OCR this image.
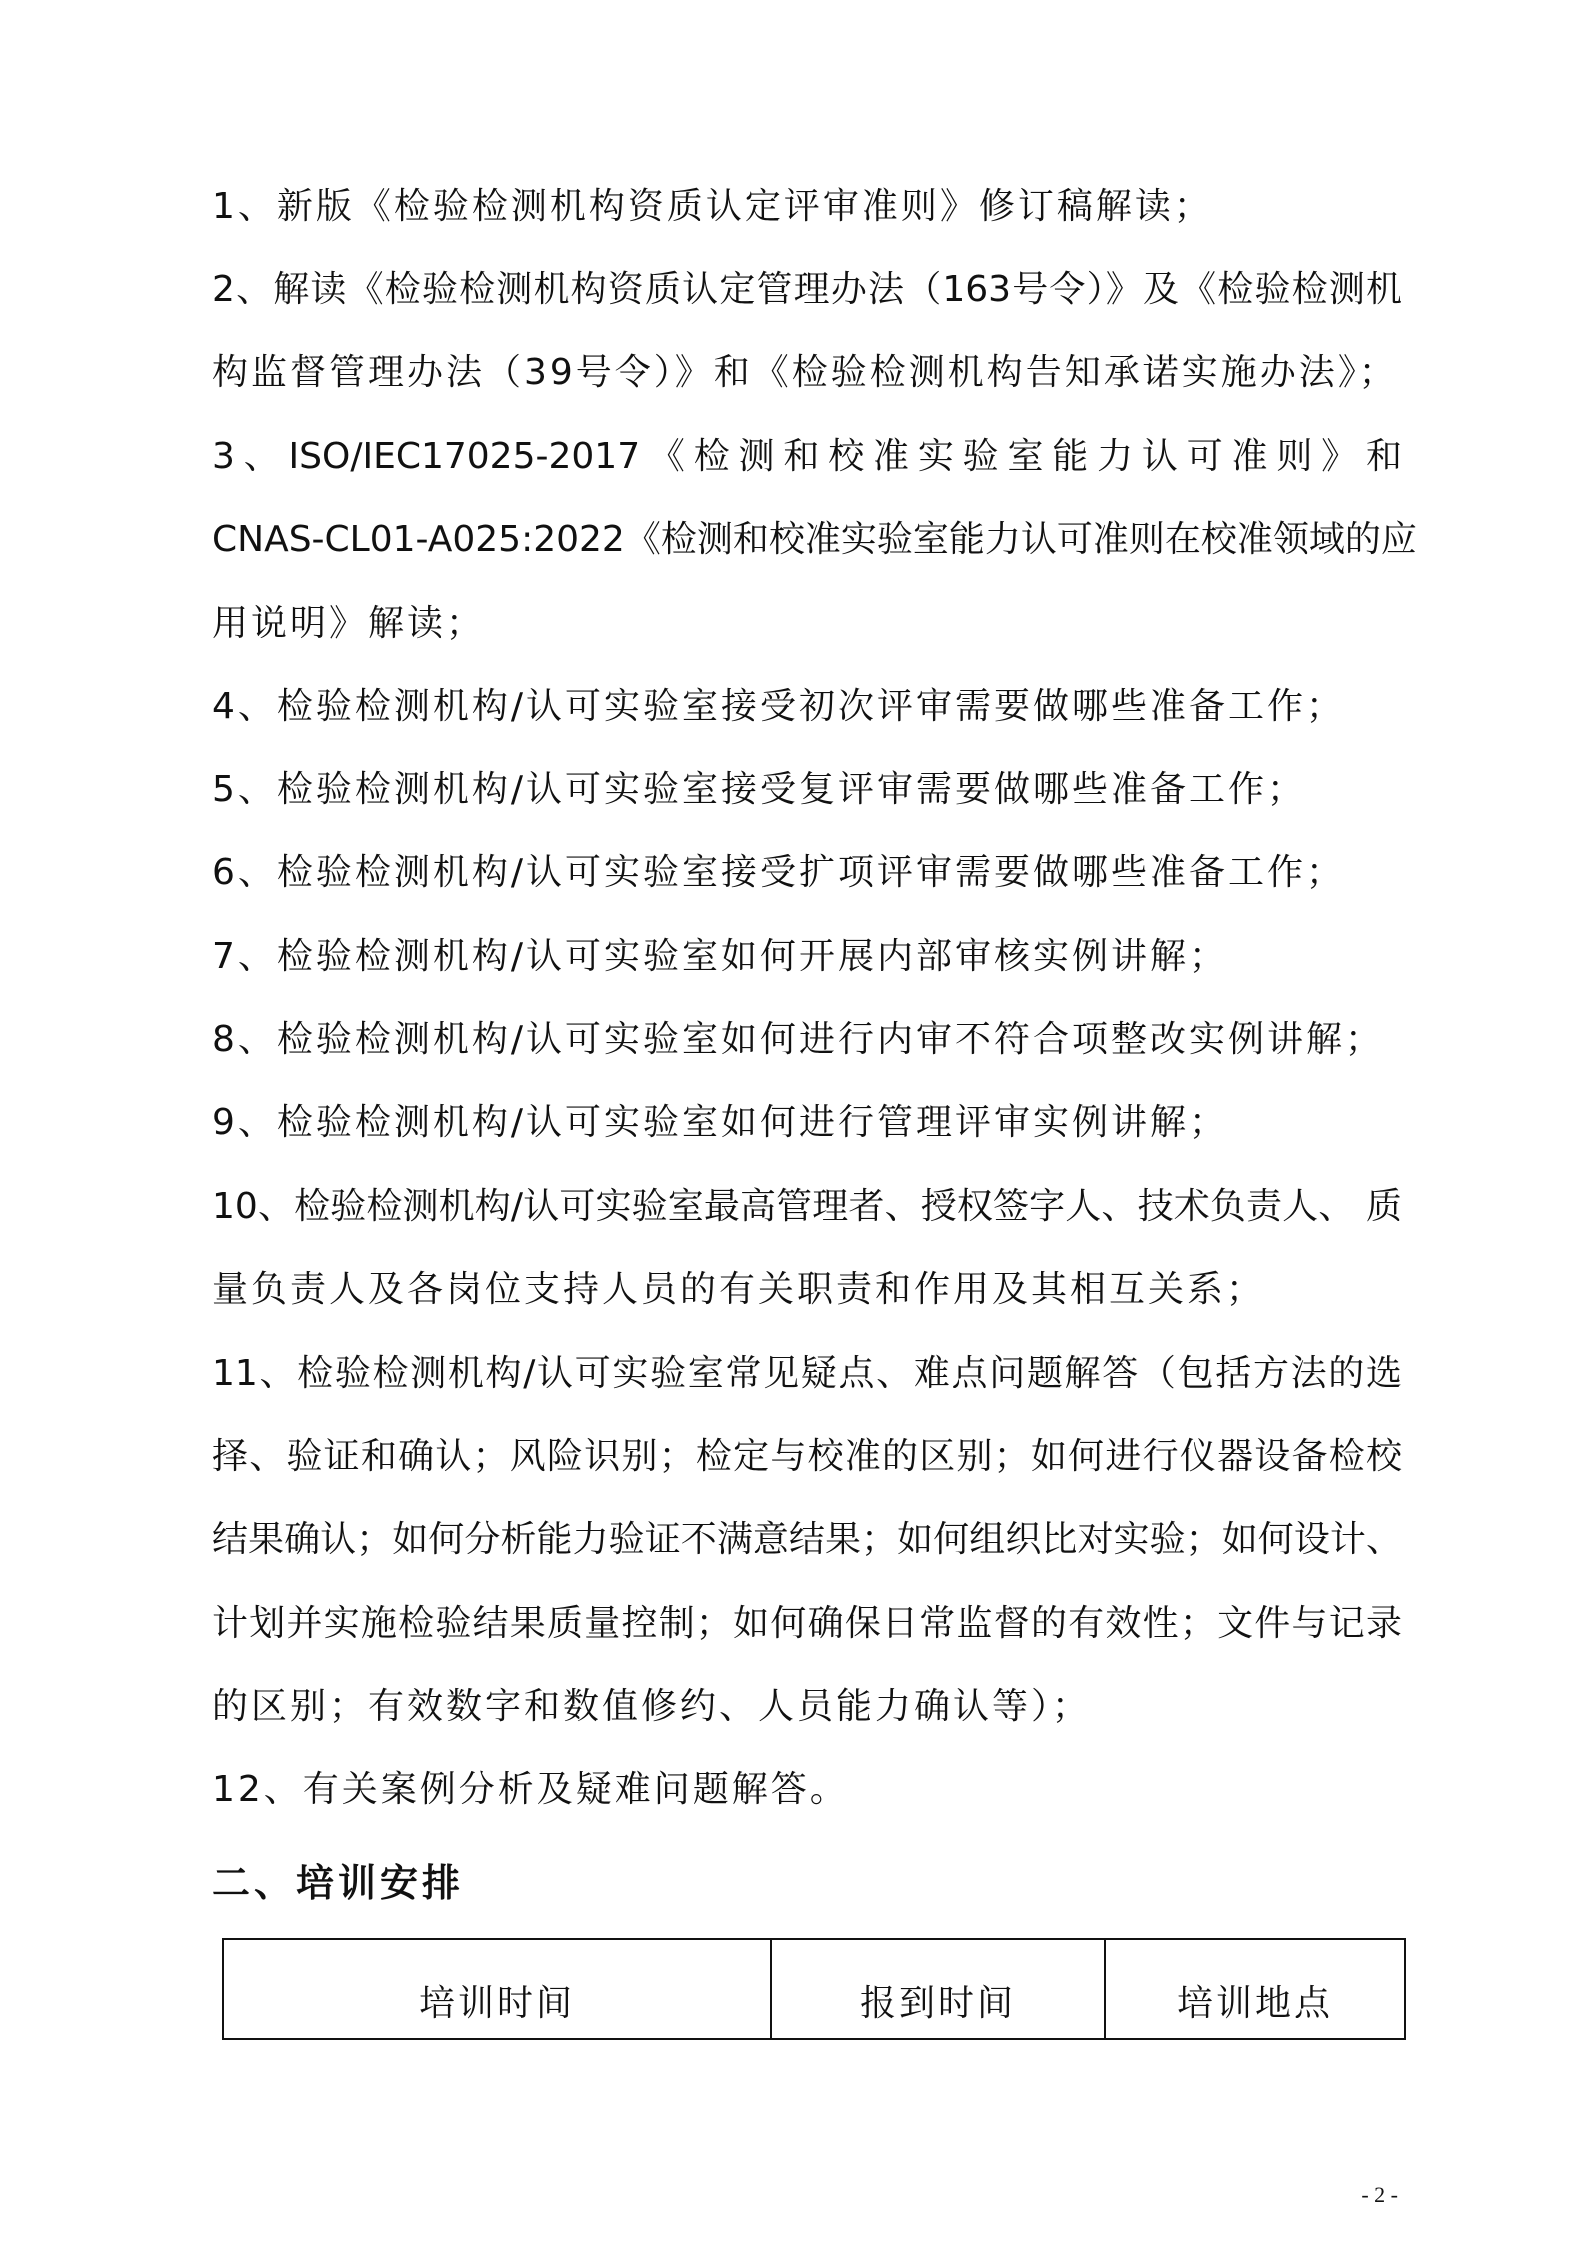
1、新版《检验检测机构资质认定评审准则》修订稿解读；
2、解读《检验检测机构资质认定管理办法（163号令）》及《检验检测机
构监督管理办法（39号令）》和《检验检测机构告知承诺实施办法》；
3、ISO/IEC17025-2017《检测和校准实验室能力认可准则》和
CNAS-CL01-A025:2022《检测和校准实验室能力认可准则在校准领域的应
用说明》解读；
4、检验检测机构/认可实验室接受初次评审需要做哪些准备工作；
5、检验检测机构/认可实验室接受复评审需要做哪些准备工作；
6、检验检测机构/认可实验室接受扩项评审需要做哪些准备工作；
7、检验检测机构/认可实验室如何开展内部审核实例讲解；
8、检验检测机构/认可实验室如何进行内审不符合项整改实例讲解；
9、检验检测机构/认可实验室如何进行管理评审实例讲解；
10、检验检测机构/认可实验室最高管理者、授权签字人、技术负责人、 质
量负责人及各岗位支持人员的有关职责和作用及其相互关系；
11、检验检测机构/认可实验室常见疑点、难点问题解答（包括方法的选
择、验证和确认；风险识别；检定与校准的区别；如何进行仪器设备检校
结果确认；如何分析能力验证不满意结果；如何组织比对实验；如何设计、
计划并实施检验结果质量控制；如何确保日常监督的有效性；文件与记录
的区别；有效数字和数值修约、人员能力确认等）；
12、有关案例分析及疑难问题解答。
二、培训安排
培训时间	报到时间	培训地点
- 2 -
